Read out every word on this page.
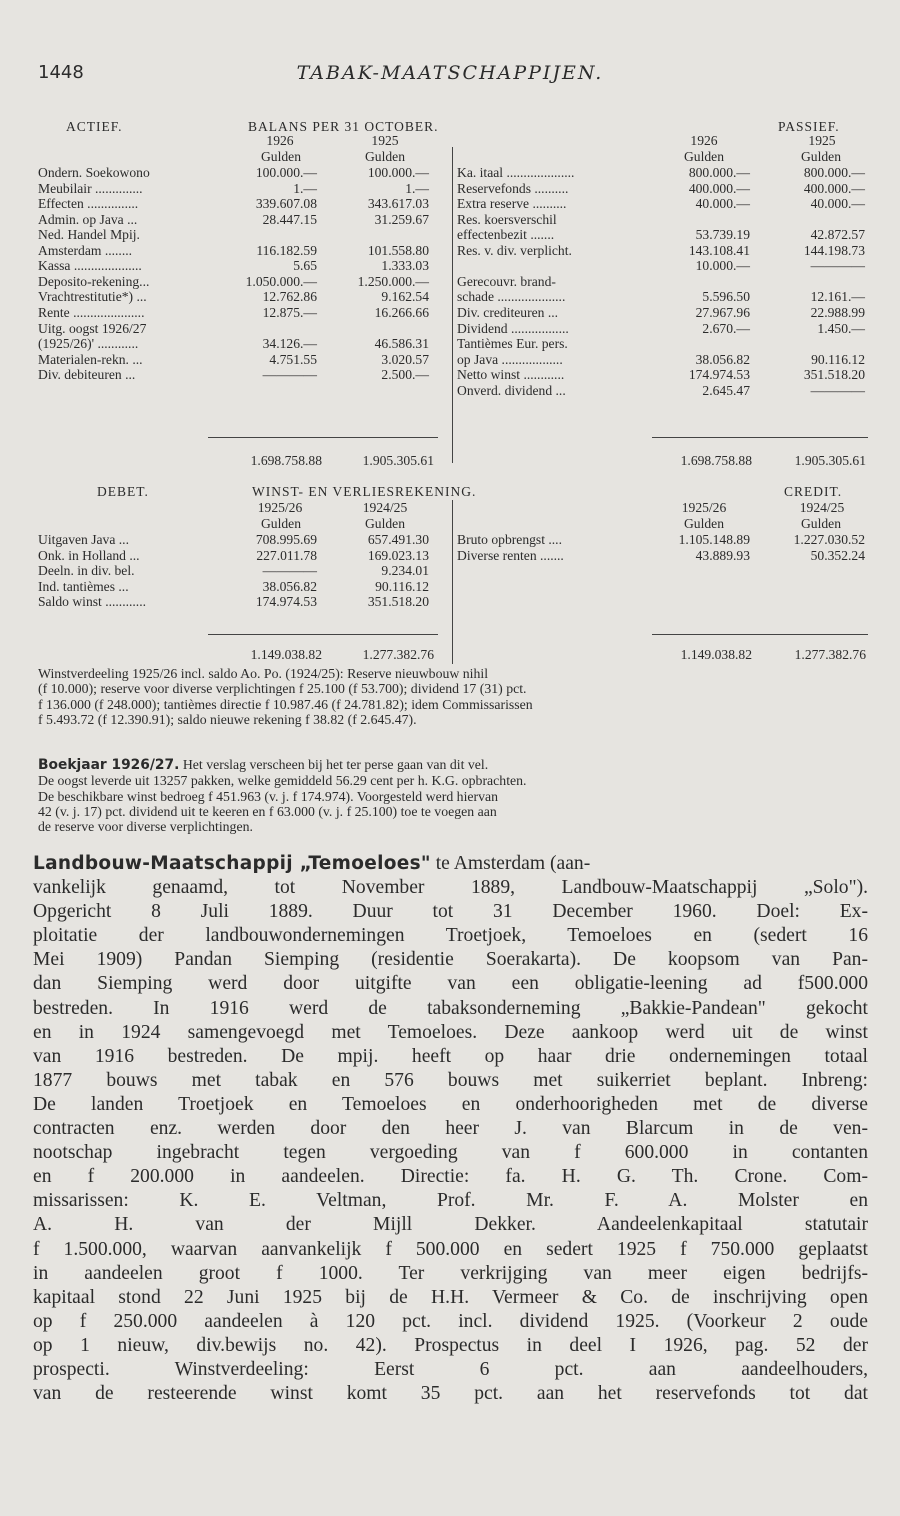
1448	TABAK-MAATSCHAPPIJEN.
ACTIEF.	BALANS PER 31 OCTOBER.	PASSIEF.
1926	1925
Gulden	Gulden
1926	1925
Gulden	Gulden
Ondern. Soekowono	100.000.—	100.000.—
Meubilair ..............	1.—	1.—
Effecten ...............	339.607.08	343.617.03
Admin. op Java ...	28.447.15	31.259.67
Ned. Handel Mpij.
Amsterdam ........	116.182.59	101.558.80
Kassa ....................	5.65	1.333.03
Deposito-rekening...	1.050.000.—	1.250.000.—
Vrachtrestitutie*) ...	12.762.86	9.162.54
Rente .....................	12.875.—	16.266.66
Uitg. oogst 1926/27
(1925/26)' ............	34.126.—	46.586.31
Materialen-rekn. ...	4.751.55	3.020.57
Div. debiteuren ...	————	2.500.—
Ka. itaal ....................	800.000.—	800.000.—
Reservefonds ..........	400.000.—	400.000.—
Extra reserve ..........	40.000.—	40.000.—
Res. koersverschil
effectenbezit .......	53.739.19	42.872.57
Res. v. div. verplicht.	143.108.41	144.198.73
10.000.—	————
Gerecouvr. brand-
schade ....................	5.596.50	12.161.—
Div. crediteuren ...	27.967.96	22.988.99
Dividend .................	2.670.—	1.450.—
Tantièmes Eur. pers.
op Java ..................	38.056.82	90.116.12
Netto winst ............	174.974.53	351.518.20
Onverd. dividend ...	2.645.47	————
1.698.758.88	1.905.305.61	1.698.758.88	1.905.305.61
DEBET.	WINST- EN VERLIESREKENING.	CREDIT.
1925/26	1924/25
Gulden	Gulden
1925/26	1924/25
Gulden	Gulden
Uitgaven Java ...	708.995.69	657.491.30
Onk. in Holland ...	227.011.78	169.023.13
Deeln. in div. bel.	————	9.234.01
Ind. tantièmes ...	38.056.82	90.116.12
Saldo winst ............	174.974.53	351.518.20
Bruto opbrengst ....	1.105.148.89	1.227.030.52
Diverse renten .......	43.889.93	50.352.24
1.149.038.82	1.277.382.76	1.149.038.82	1.277.382.76
Winstverdeeling 1925/26 incl. saldo Ao. Po. (1924/25): Reserve nieuwbouw nihil
(f 10.000); reserve voor diverse verplichtingen f 25.100 (f 53.700); dividend 17 (31) pct.
f 136.000 (f 248.000); tantièmes directie f 10.987.46 (f 24.781.82); idem Commissarissen
f 5.493.72 (f 12.390.91); saldo nieuwe rekening f 38.82 (f 2.645.47).
Boekjaar 1926/27. Het verslag verscheen bij het ter perse gaan van dit vel.
De oogst leverde uit 13257 pakken, welke gemiddeld 56.29 cent per h. K.G. opbrachten.
De beschikbare winst bedroeg f 451.963 (v. j. f 174.974). Voorgesteld werd hiervan
42 (v. j. 17) pct. dividend uit te keeren en f 63.000 (v. j. f 25.100) toe te voegen aan
de reserve voor diverse verplichtingen.
Landbouw-Maatschappij „Temoeloes" te Amsterdam (aan-
vankelijk genaamd, tot November 1889, Landbouw-Maatschappij „Solo").
Opgericht 8 Juli 1889. Duur tot 31 December 1960. Doel: Ex-
ploitatie der landbouwondernemingen Troetjoek, Temoeloes en (sedert 16
Mei 1909) Pandan Siemping (residentie Soerakarta). De koopsom van Pan-
dan Siemping werd door uitgifte van een obligatie-leening ad f500.000
bestreden. In 1916 werd de tabaksonderneming „Bakkie-Pandean" gekocht
en in 1924 samengevoegd met Temoeloes. Deze aankoop werd uit de winst
van 1916 bestreden. De mpij. heeft op haar drie ondernemingen totaal
1877 bouws met tabak en 576 bouws met suikerriet beplant. Inbreng:
De landen Troetjoek en Temoeloes en onderhoorigheden met de diverse
contracten enz. werden door den heer J. van Blarcum in de ven-
nootschap ingebracht tegen vergoeding van f 600.000 in contanten
en f 200.000 in aandeelen. Directie: fa. H. G. Th. Crone. Com-
missarissen: K. E. Veltman, Prof. Mr. F. A. Molster en
A. H. van der Mijll Dekker. Aandeelenkapitaal statutair
f 1.500.000, waarvan aanvankelijk f 500.000 en sedert 1925 f 750.000 geplaatst
in aandeelen groot f 1000. Ter verkrijging van meer eigen bedrijfs-
kapitaal stond 22 Juni 1925 bij de H.H. Vermeer & Co. de inschrijving open
op f 250.000 aandeelen à 120 pct. incl. dividend 1925. (Voorkeur 2 oude
op 1 nieuw, div.bewijs no. 42). Prospectus in deel I 1926, pag. 52 der
prospecti. Winstverdeeling: Eerst 6 pct. aan aandeelhouders,
van de resteerende winst komt 35 pct. aan het reservefonds tot dat
